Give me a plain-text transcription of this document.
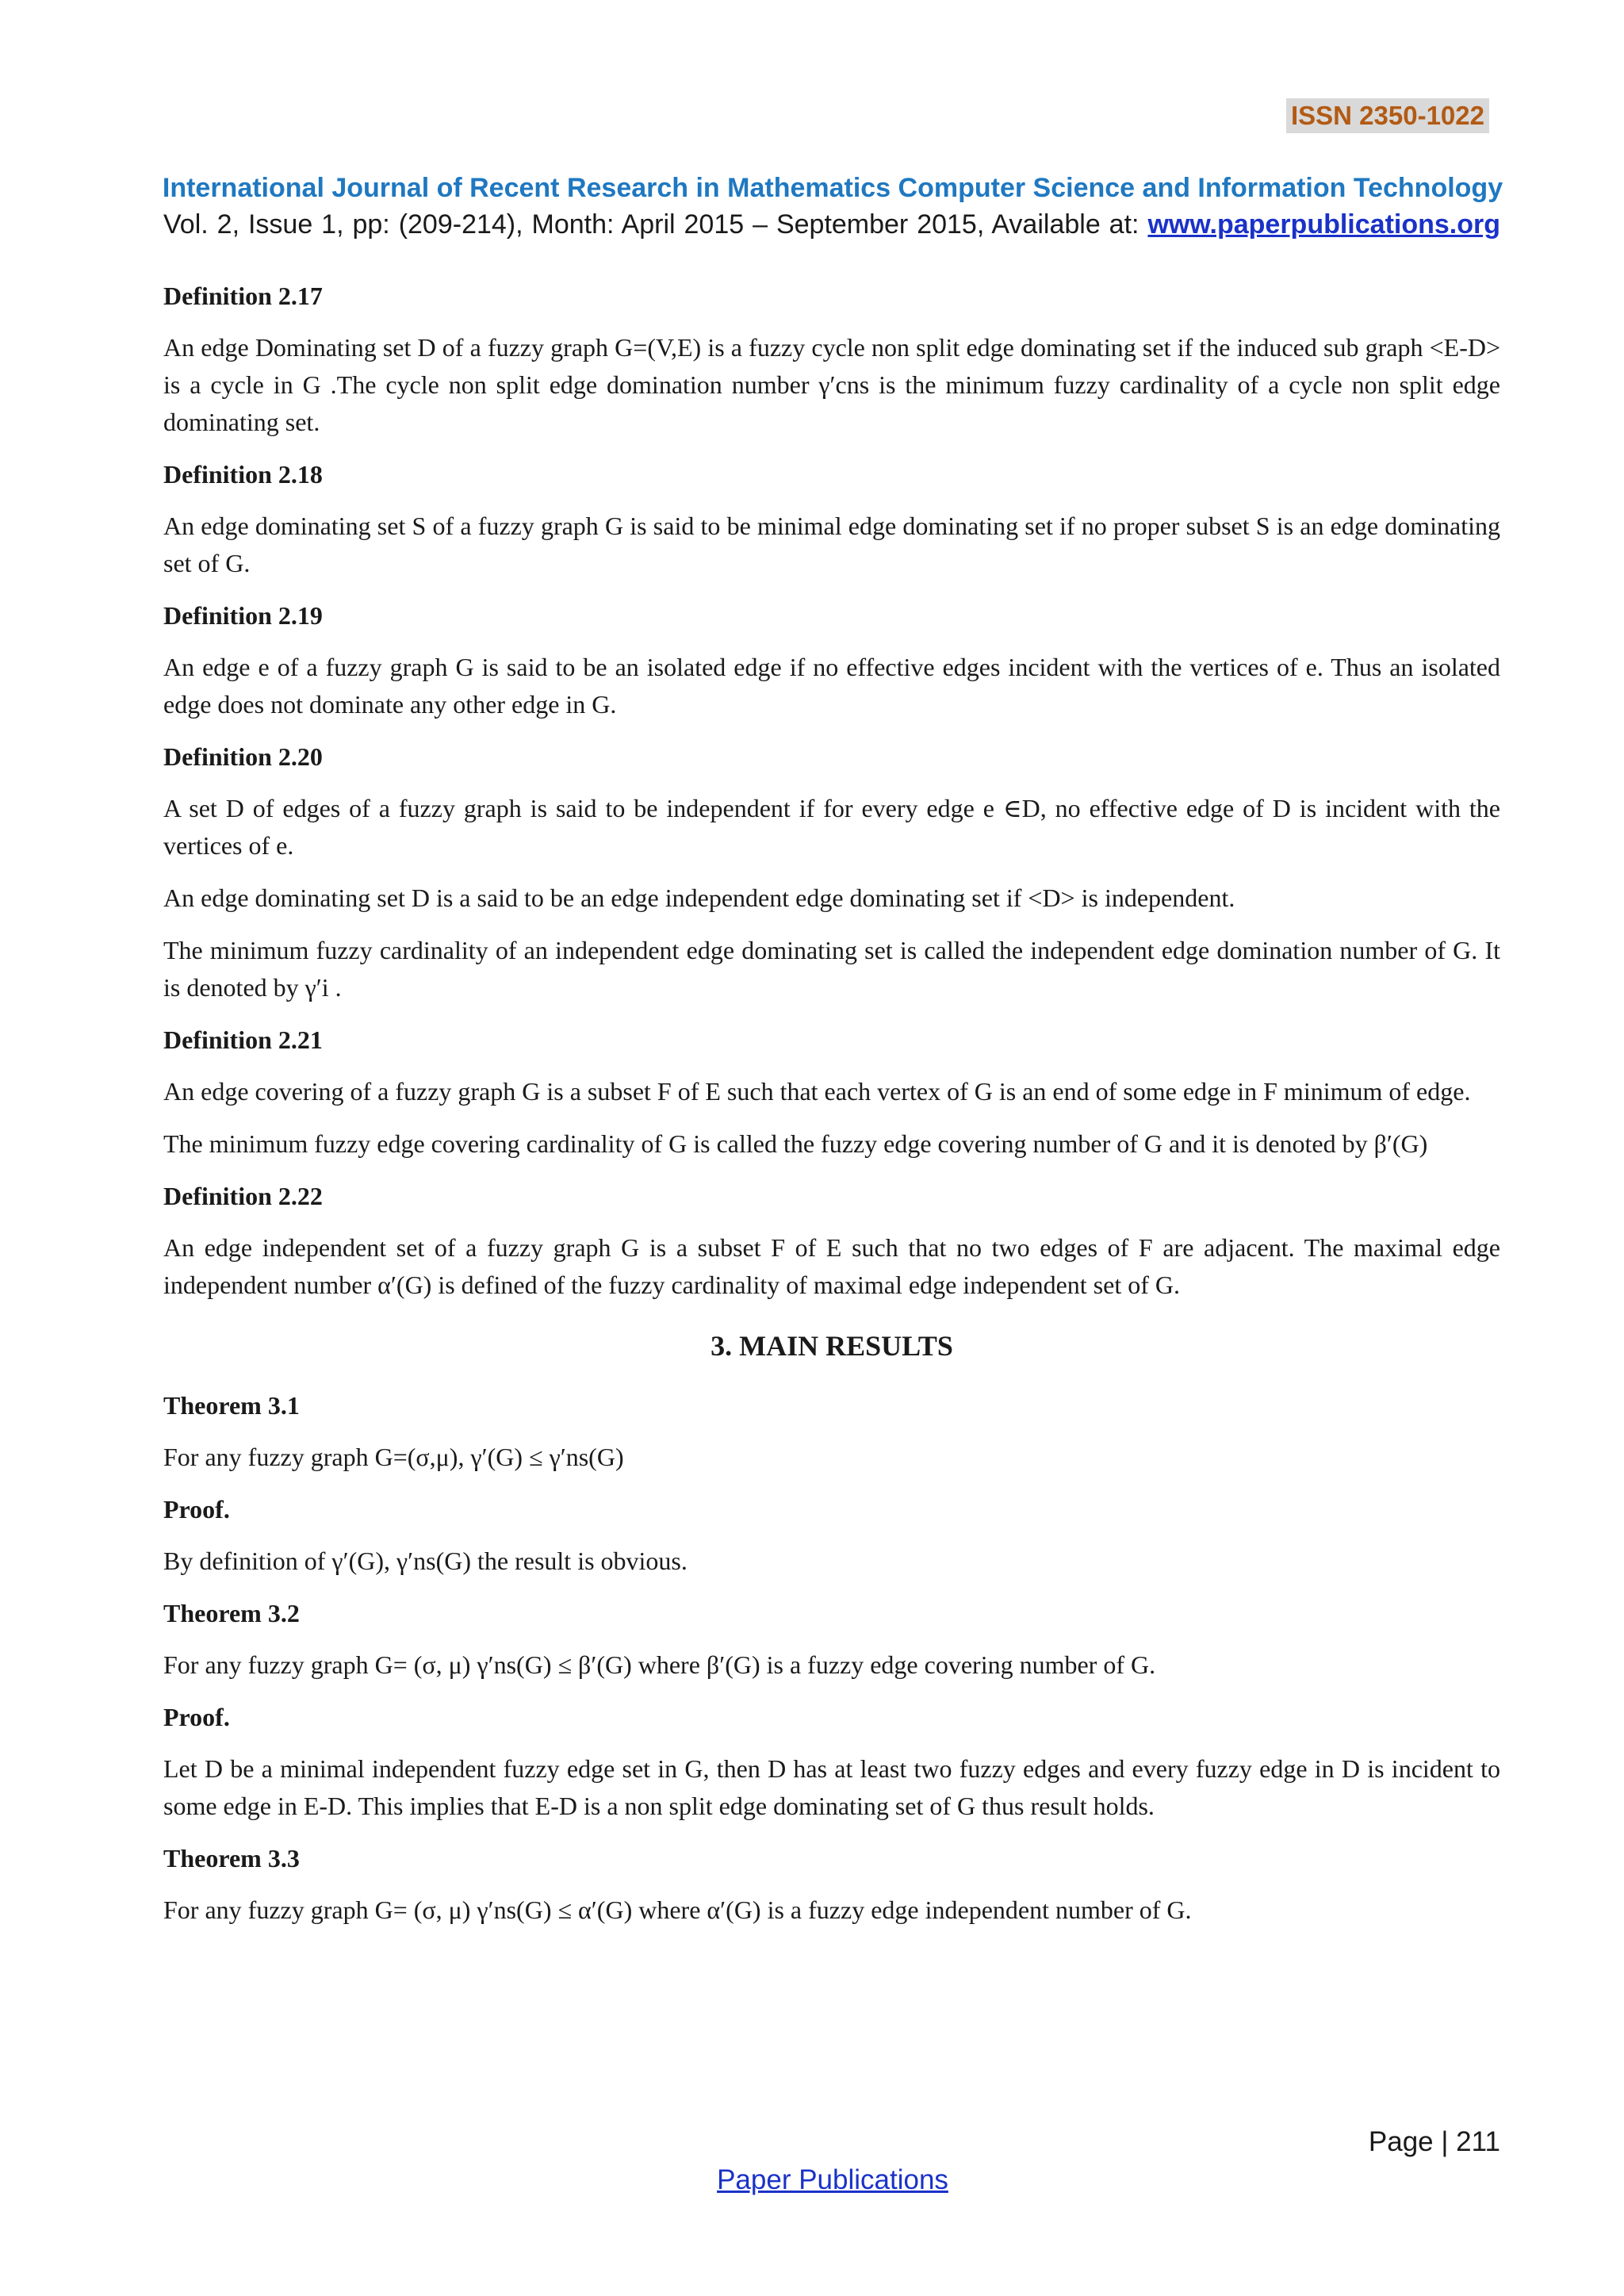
ISSN 2350-1022
International Journal of Recent Research in Mathematics Computer Science and Information Technology
Vol. 2, Issue 1, pp: (209-214), Month: April 2015 – September 2015, Available at: www.paperpublications.org
Definition 2.17
An edge Dominating set D of a fuzzy graph G=(V,E) is a fuzzy cycle non split edge dominating set if the induced sub graph <E-D> is a cycle in G .The cycle non split edge domination number γ′cns is the minimum fuzzy cardinality of a cycle non split edge dominating set.
Definition 2.18
An edge dominating set S of a fuzzy graph G is said to be minimal edge dominating set if no proper subset S is an edge dominating set of G.
Definition 2.19
An edge e of a fuzzy graph G is said to be an isolated edge if no effective edges incident with the vertices of e. Thus an isolated edge does not dominate any other edge in G.
Definition 2.20
A set D of edges of a fuzzy graph is said to be independent if for every edge e ∈D, no effective edge of D is incident with the vertices of e.
An edge dominating set D is a said to be an edge independent edge dominating set if <D> is independent.
The minimum fuzzy cardinality of an independent edge dominating set is called the independent edge domination number of G. It is denoted by γ′i .
Definition 2.21
An edge covering of a fuzzy graph G is a subset F of E such that each vertex of G is an end of some edge in F minimum of edge.
The minimum fuzzy edge covering cardinality of G is called the fuzzy edge covering number of G and it is denoted by β′(G)
Definition 2.22
An edge independent set of a fuzzy graph G is a subset F of E such that no two edges of F are adjacent. The maximal edge independent number α′(G) is defined of the fuzzy cardinality of maximal edge independent set of G.
3. MAIN RESULTS
Theorem 3.1
For any fuzzy graph G=(σ,μ), γ′(G) ≤ γ′ns(G)
Proof.
By definition of γ′(G), γ′ns(G) the result is obvious.
Theorem 3.2
For any fuzzy graph G= (σ, μ) γ′ns(G) ≤ β′(G) where β′(G) is a fuzzy edge covering number of G.
Proof.
Let D be a minimal independent fuzzy edge set in G, then D has at least two fuzzy edges and every fuzzy edge in D is incident to some edge in E-D. This implies that E-D is a non split edge dominating set of G thus result holds.
Theorem 3.3
For any fuzzy graph G= (σ, μ) γ′ns(G) ≤ α′(G) where α′(G) is a fuzzy edge independent number of G.
Page | 211
Paper Publications
